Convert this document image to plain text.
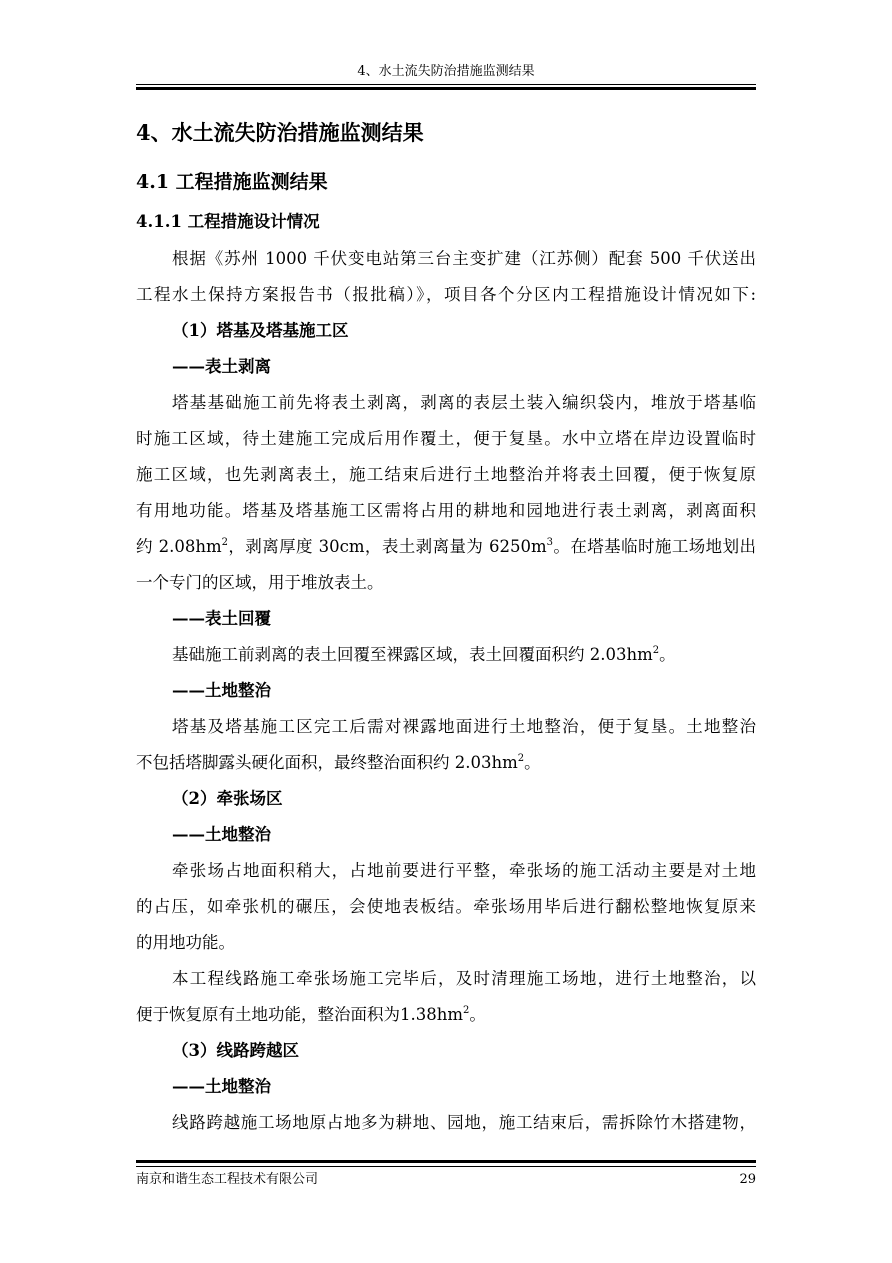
4、水土流失防治措施监测结果
4、水土流失防治措施监测结果
4.1 工程措施监测结果
4.1.1 工程措施设计情况
根据《苏州 1000 千伏变电站第三台主变扩建（江苏侧）配套 500 千伏送出
工程水土保持方案报告书（报批稿）》，项目各个分区内工程措施设计情况如下:
（1）塔基及塔基施工区
——表土剥离
塔基基础施工前先将表土剥离，剥离的表层土装入编织袋内，堆放于塔基临
时施工区域，待土建施工完成后用作覆土，便于复垦。水中立塔在岸边设置临时
施工区域，也先剥离表土，施工结束后进行土地整治并将表土回覆，便于恢复原
有用地功能。塔基及塔基施工区需将占用的耕地和园地进行表土剥离，剥离面积
约 $2.08hm^2$，剥离厚度 30cm，表土剥离量为 $6250m^3$。在塔基临时施工场地划出
一个专门的区域，用于堆放表土。
——表土回覆
基础施工前剥离的表土回覆至裸露区域，表土回覆面积约 $2.03hm^2$。
——土地整治
塔基及塔基施工区完工后需对裸露地面进行土地整治，便于复垦。土地整治
不包括塔脚露头硬化面积，最终整治面积约 $2.03hm^2$。
（2）牵张场区
——土地整治
牵张场占地面积稍大，占地前要进行平整，牵张场的施工活动主要是对土地
的占压，如牵张机的碾压，会使地表板结。牵张场用毕后进行翻松整地恢复原来
的用地功能。
本工程线路施工牵张场施工完毕后，及时清理施工场地，进行土地整治，以
便于恢复原有土地功能，整治面积为$1.38hm^2$。
（3）线路跨越区
——土地整治
线路跨越施工场地原占地多为耕地、园地，施工结束后，需拆除竹木搭建物，
南京和谐生态工程技术有限公司	29
